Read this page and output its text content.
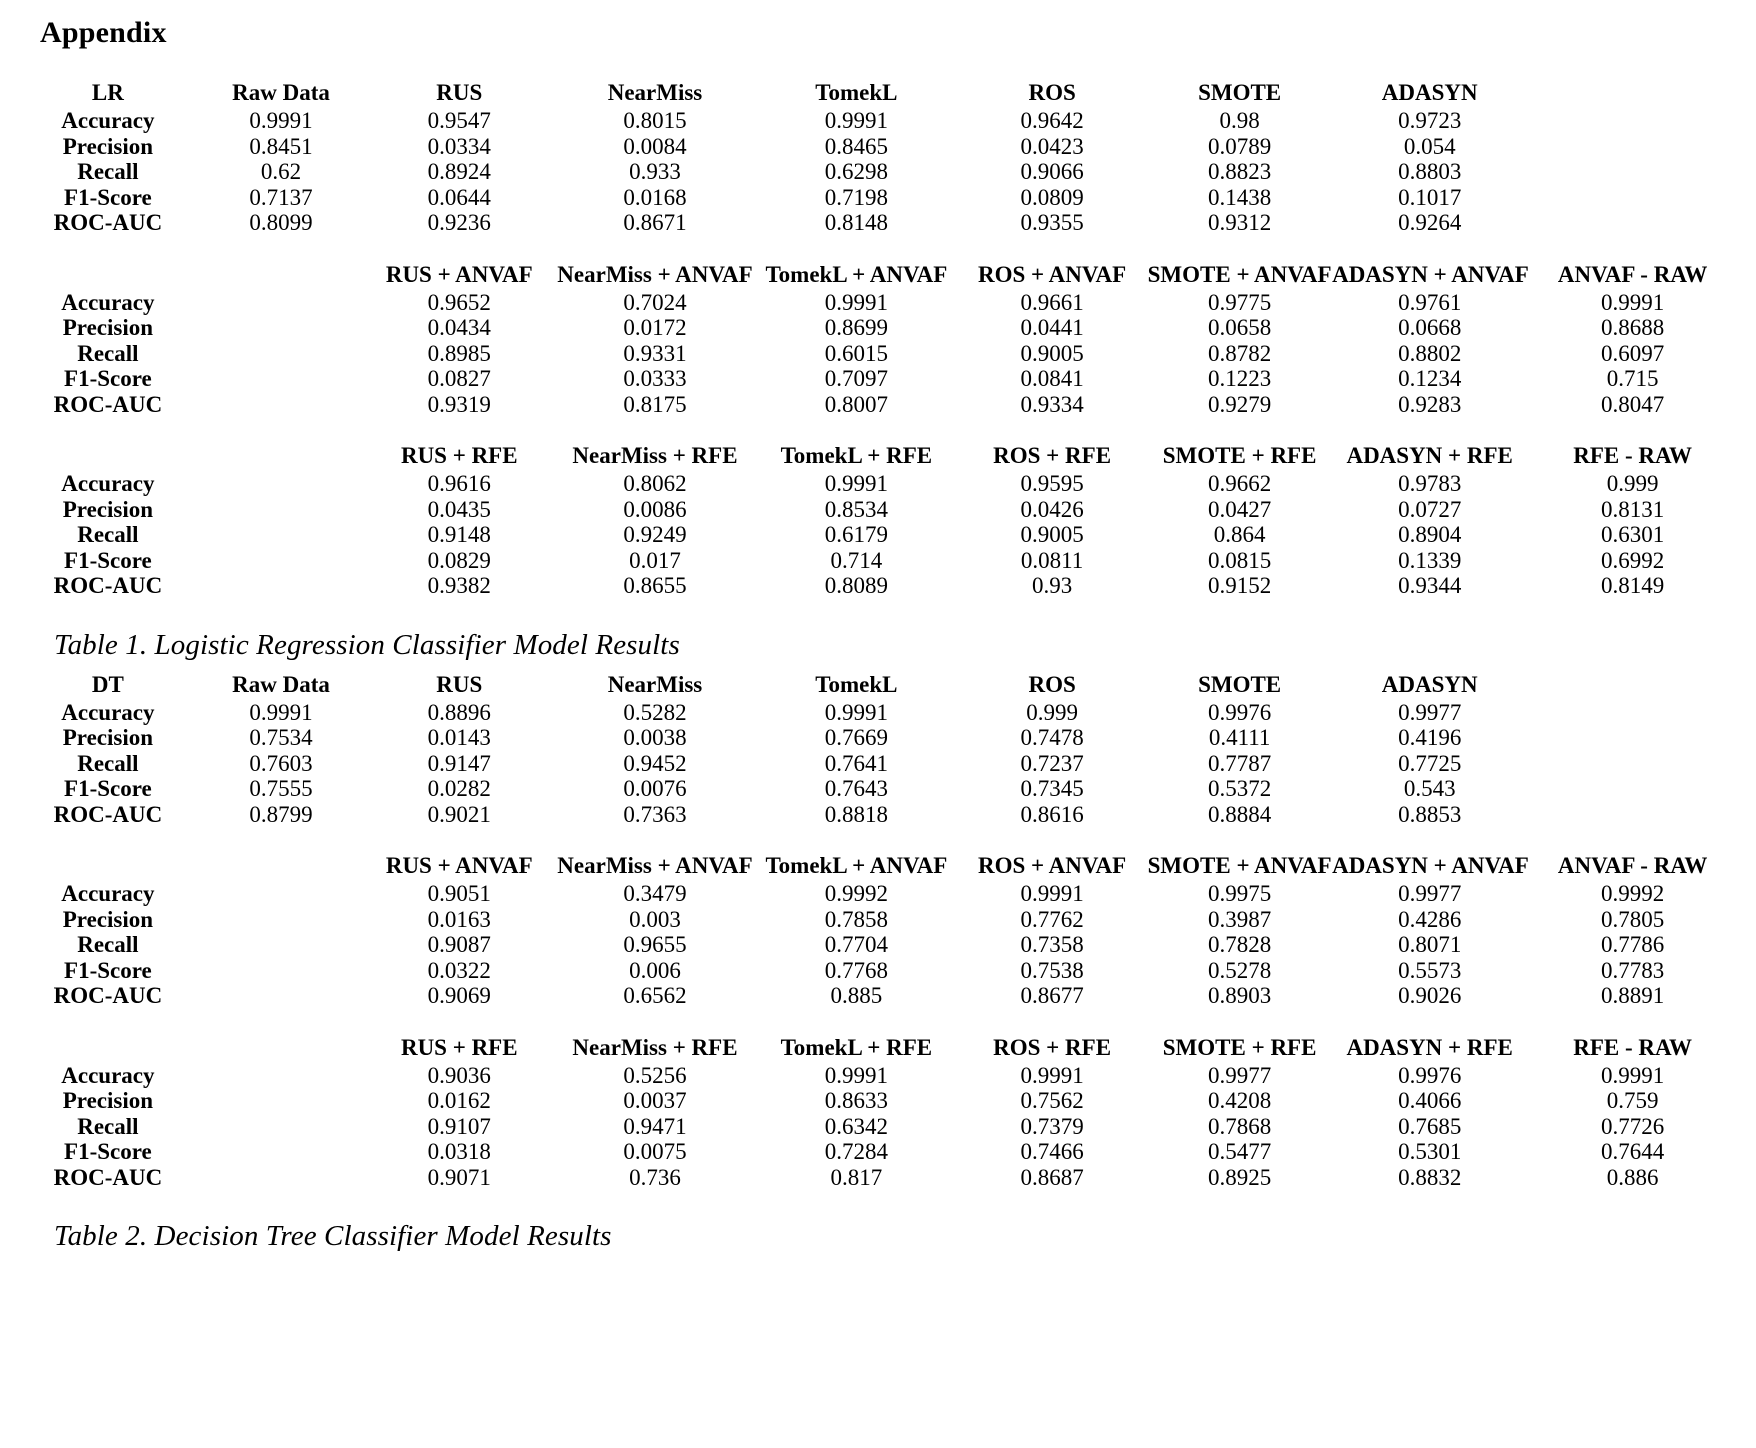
Appendix
LR	Raw Data	RUS	NearMiss	TomekL	ROS	SMOTE	ADASYN	
Accuracy	0.9991	0.9547	0.8015	0.9991	0.9642	0.98	0.9723	
Precision	0.8451	0.0334	0.0084	0.8465	0.0423	0.0789	0.054	
Recall	0.62	0.8924	0.933	0.6298	0.9066	0.8823	0.8803	
F1-Score	0.7137	0.0644	0.0168	0.7198	0.0809	0.1438	0.1017	
ROC-AUC	0.8099	0.9236	0.8671	0.8148	0.9355	0.9312	0.9264	

		RUS + ANVAF	NearMiss + ANVAF	TomekL + ANVAF	ROS + ANVAF	SMOTE + ANVAF	ADASYN + ANVAF	ANVAF - RAW
Accuracy		0.9652	0.7024	0.9991	0.9661	0.9775	0.9761	0.9991
Precision		0.0434	0.0172	0.8699	0.0441	0.0658	0.0668	0.8688
Recall		0.8985	0.9331	0.6015	0.9005	0.8782	0.8802	0.6097
F1-Score		0.0827	0.0333	0.7097	0.0841	0.1223	0.1234	0.715
ROC-AUC		0.9319	0.8175	0.8007	0.9334	0.9279	0.9283	0.8047

		RUS + RFE	NearMiss + RFE	TomekL + RFE	ROS + RFE	SMOTE + RFE	ADASYN + RFE	RFE - RAW
Accuracy		0.9616	0.8062	0.9991	0.9595	0.9662	0.9783	0.999
Precision		0.0435	0.0086	0.8534	0.0426	0.0427	0.0727	0.8131
Recall		0.9148	0.9249	0.6179	0.9005	0.864	0.8904	0.6301
F1-Score		0.0829	0.017	0.714	0.0811	0.0815	0.1339	0.6992
ROC-AUC		0.9382	0.8655	0.8089	0.93	0.9152	0.9344	0.8149
Table 1. Logistic Regression Classifier Model Results
DT	Raw Data	RUS	NearMiss	TomekL	ROS	SMOTE	ADASYN	
Accuracy	0.9991	0.8896	0.5282	0.9991	0.999	0.9976	0.9977	
Precision	0.7534	0.0143	0.0038	0.7669	0.7478	0.4111	0.4196	
Recall	0.7603	0.9147	0.9452	0.7641	0.7237	0.7787	0.7725	
F1-Score	0.7555	0.0282	0.0076	0.7643	0.7345	0.5372	0.543	
ROC-AUC	0.8799	0.9021	0.7363	0.8818	0.8616	0.8884	0.8853	

		RUS + ANVAF	NearMiss + ANVAF	TomekL + ANVAF	ROS + ANVAF	SMOTE + ANVAF	ADASYN + ANVAF	ANVAF - RAW
Accuracy		0.9051	0.3479	0.9992	0.9991	0.9975	0.9977	0.9992
Precision		0.0163	0.003	0.7858	0.7762	0.3987	0.4286	0.7805
Recall		0.9087	0.9655	0.7704	0.7358	0.7828	0.8071	0.7786
F1-Score		0.0322	0.006	0.7768	0.7538	0.5278	0.5573	0.7783
ROC-AUC		0.9069	0.6562	0.885	0.8677	0.8903	0.9026	0.8891

		RUS + RFE	NearMiss + RFE	TomekL + RFE	ROS + RFE	SMOTE + RFE	ADASYN + RFE	RFE - RAW
Accuracy		0.9036	0.5256	0.9991	0.9991	0.9977	0.9976	0.9991
Precision		0.0162	0.0037	0.8633	0.7562	0.4208	0.4066	0.759
Recall		0.9107	0.9471	0.6342	0.7379	0.7868	0.7685	0.7726
F1-Score		0.0318	0.0075	0.7284	0.7466	0.5477	0.5301	0.7644
ROC-AUC		0.9071	0.736	0.817	0.8687	0.8925	0.8832	0.886
Table 2. Decision Tree Classifier Model Results
